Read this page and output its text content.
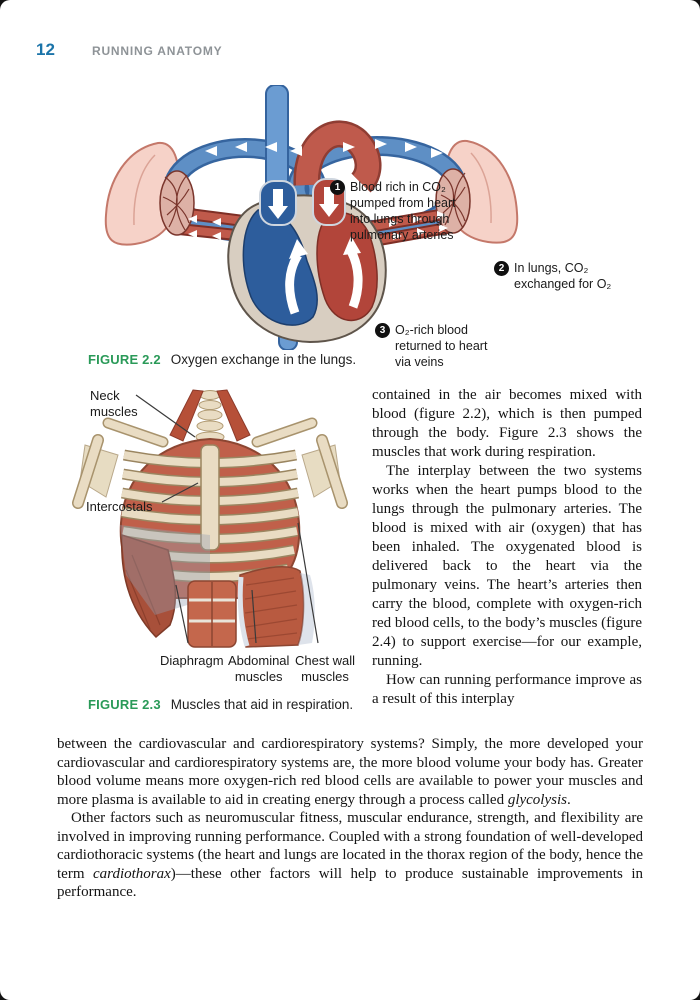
12	RUNNING ANATOMY
1 Blood rich in CO₂
pumped from heart
into lungs through
pulmonary arteries
2 In lungs, CO₂
exchanged for O₂
3 O₂-rich blood
returned to heart
via veins
FIGURE 2.2 Oxygen exchange in the lungs.
Neck
muscles
Intercostals
Diaphragm Abdominal
muscles
Chest wall
muscles
FIGURE 2.3 Muscles that aid in respiration.

contained in the air becomes mixed with blood (figure 2.2), which is then pumped through the body. Figure 2.3 shows the muscles that work during respiration.

The interplay between the two systems works when the heart pumps blood to the lungs through the pulmonary arteries. The blood is mixed with air (oxygen) that has been inhaled. The oxygenated blood is delivered back to the heart via the pulmonary veins. The heart’s arteries then carry the blood, complete with oxygen-rich red blood cells, to the body’s muscles (figure 2.4) to support exercise—for our example, running.

How can running performance improve as a result of this interplay

between the cardiovascular and cardiorespiratory systems? Simply, the more developed your cardiovascular and cardiorespiratory systems are, the more blood volume your body has. Greater blood volume means more oxygen-rich red blood cells are available to power your muscles and more plasma is available to aid in creating energy through a process called glycolysis.

Other factors such as neuromuscular fitness, muscular endurance, strength, and flexibility are involved in improving running performance. Coupled with a strong foundation of well-developed cardiothoracic systems (the heart and lungs are located in the thorax region of the body, hence the term cardiothorax)—these other factors will help to produce sustainable improvements in performance.
